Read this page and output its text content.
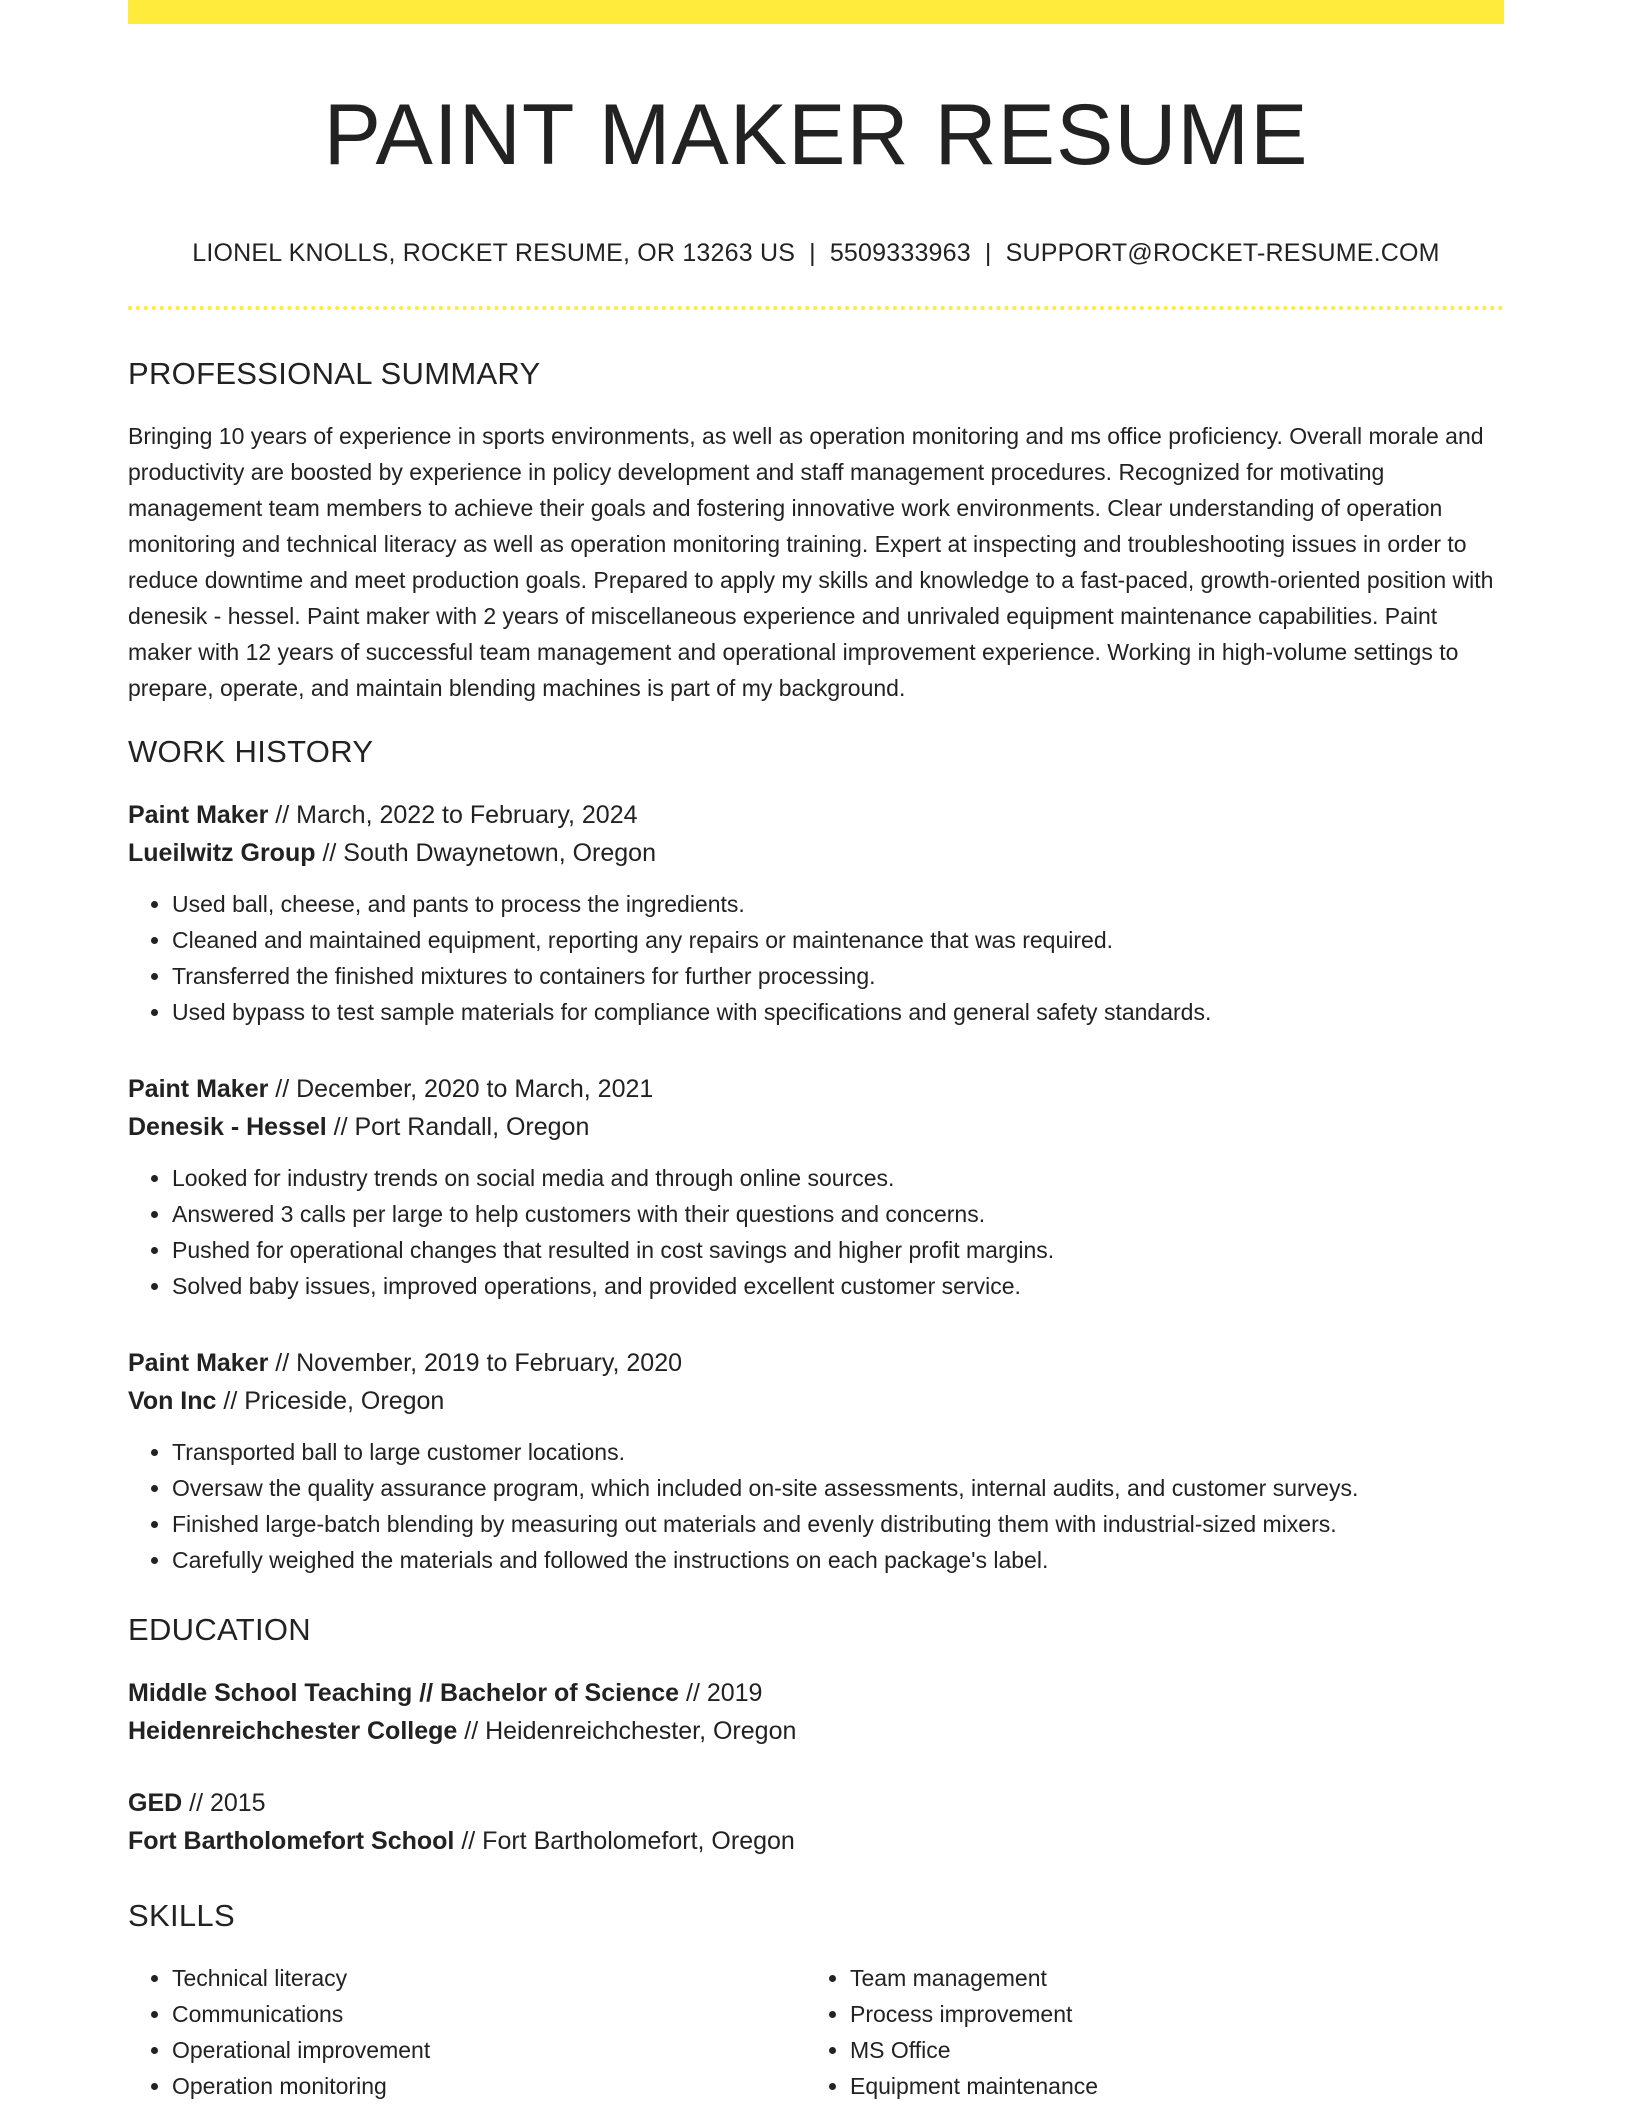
PAINT MAKER RESUME
LIONEL KNOLLS, ROCKET RESUME, OR 13263 US | 5509333963 | SUPPORT@ROCKET-RESUME.COM
PROFESSIONAL SUMMARY

Bringing 10 years of experience in sports environments, as well as operation monitoring and ms office proficiency. Overall morale and productivity are boosted by experience in policy development and staff management procedures. Recognized for motivating management team members to achieve their goals and fostering innovative work environments. Clear understanding of operation monitoring and technical literacy as well as operation monitoring training. Expert at inspecting and troubleshooting issues in order to reduce downtime and meet production goals. Prepared to apply my skills and knowledge to a fast-paced, growth-oriented position with denesik - hessel. Paint maker with 2 years of miscellaneous experience and unrivaled equipment maintenance capabilities. Paint maker with 12 years of successful team management and operational improvement experience. Working in high-volume settings to prepare, operate, and maintain blending machines is part of my background.

WORK HISTORY
Paint Maker // March, 2022 to February, 2024
Lueilwitz Group // South Dwaynetown, Oregon
• Used ball, cheese, and pants to process the ingredients.
• Cleaned and maintained equipment, reporting any repairs or maintenance that was required.
• Transferred the finished mixtures to containers for further processing.
• Used bypass to test sample materials for compliance with specifications and general safety standards.
Paint Maker // December, 2020 to March, 2021
Denesik - Hessel // Port Randall, Oregon
• Looked for industry trends on social media and through online sources.
• Answered 3 calls per large to help customers with their questions and concerns.
• Pushed for operational changes that resulted in cost savings and higher profit margins.
• Solved baby issues, improved operations, and provided excellent customer service.
Paint Maker // November, 2019 to February, 2020
Von Inc // Priceside, Oregon
• Transported ball to large customer locations.
• Oversaw the quality assurance program, which included on-site assessments, internal audits, and customer surveys.
• Finished large-batch blending by measuring out materials and evenly distributing them with industrial-sized mixers.
• Carefully weighed the materials and followed the instructions on each package's label.
EDUCATION
Middle School Teaching // Bachelor of Science // 2019
Heidenreichchester College // Heidenreichchester, Oregon
GED // 2015
Fort Bartholomefort School // Fort Bartholomefort, Oregon
SKILLS
• Technical literacy
• Communications
• Operational improvement
• Operation monitoring
• Team management
• Process improvement
• MS Office
• Equipment maintenance
